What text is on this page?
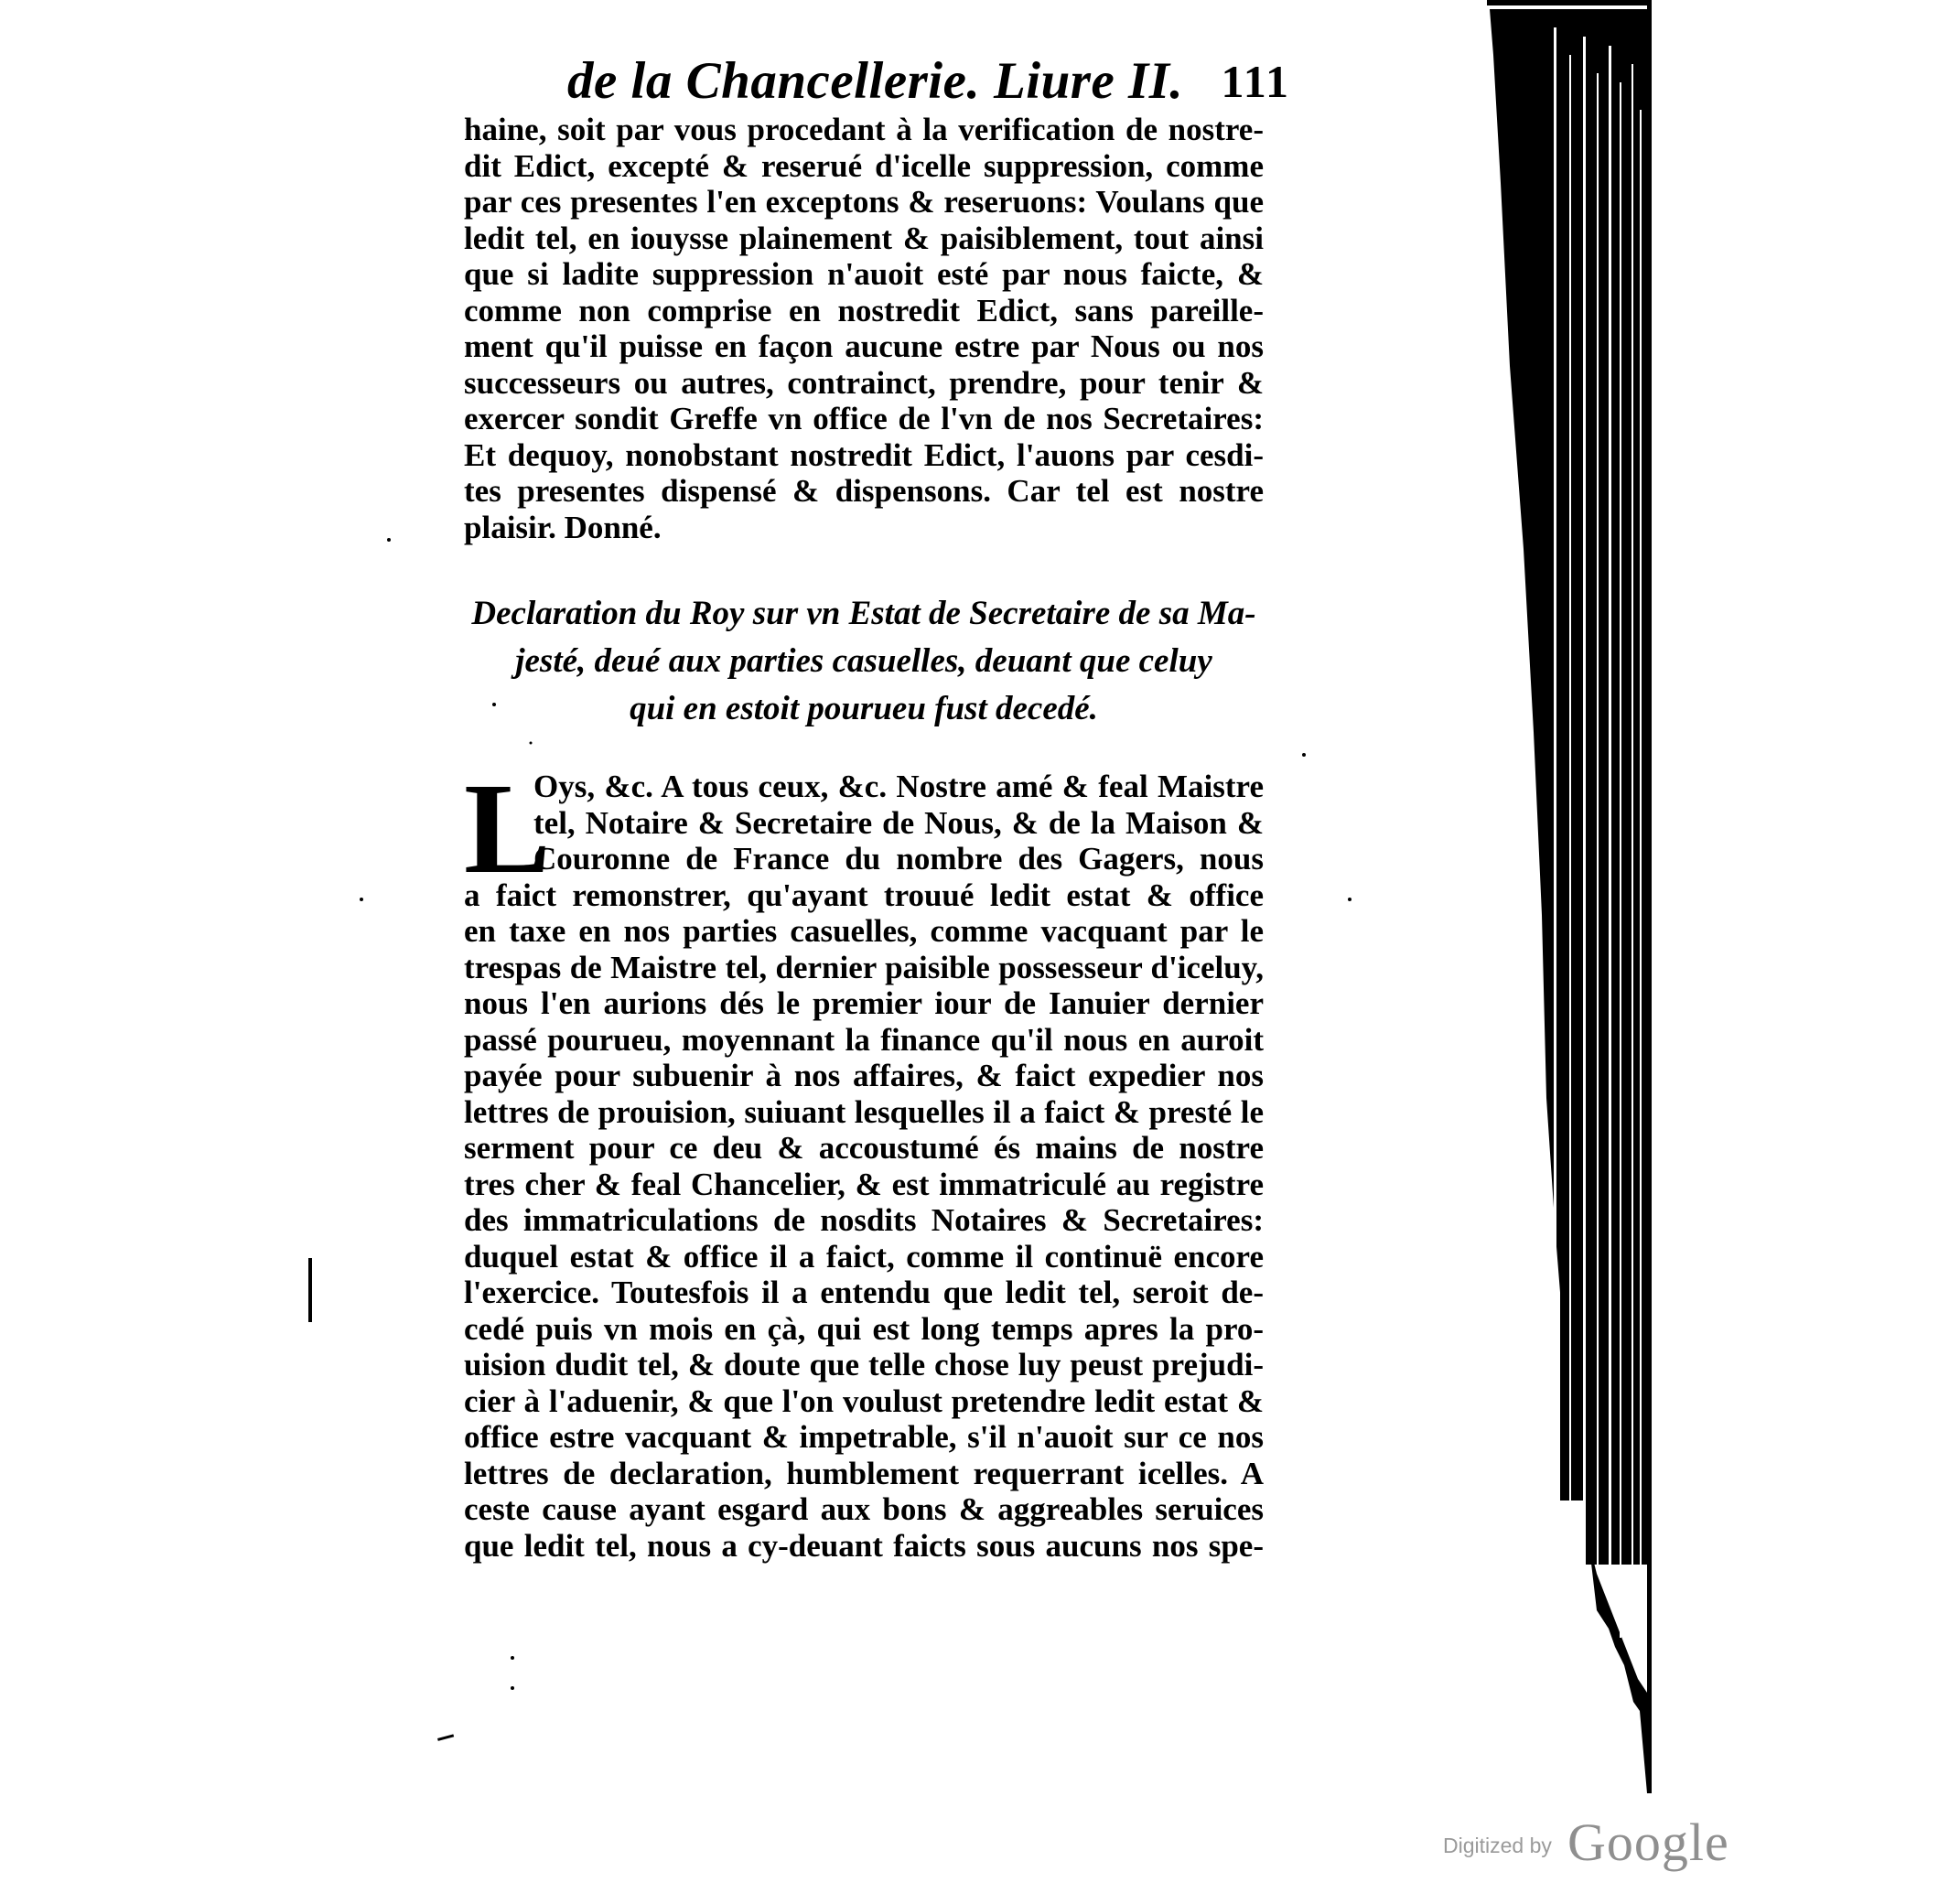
de la Chancellerie. Liure II. 111
haine, soit par vous procedant à la verification de nostre-
dit Edict, excepté & reserué d'icelle suppression, comme
par ces presentes l'en exceptons & reseruons: Voulans que
ledit tel, en iouysse plainement & paisiblement, tout ainsi
que si ladite suppression n'auoit esté par nous faicte, &
comme non comprise en nostredit Edict, sans pareille-
ment qu'il puisse en façon aucune estre par Nous ou nos
successeurs ou autres, contrainct, prendre, pour tenir &
exercer sondit Greffe vn office de l'vn de nos Secretaires:
Et dequoy, nonobstant nostredit Edict, l'auons par cesdi-
tes presentes dispensé & dispensons. Car tel est nostre
plaisir. Donné.
Declaration du Roy sur vn Estat de Secretaire de sa Ma-
jesté, deué aux parties casuelles, deuant que celuy
qui en estoit pourueu fust decedé.
L
Oys, &c. A tous ceux, &c. Nostre amé & feal Maistre
tel, Notaire & Secretaire de Nous, & de la Maison &
Couronne de France du nombre des Gagers, nous
a faict remonstrer, qu'ayant trouué ledit estat & office
en taxe en nos parties casuelles, comme vacquant par le
trespas de Maistre tel, dernier paisible possesseur d'iceluy,
nous l'en aurions dés le premier iour de Ianuier dernier
passé pourueu, moyennant la finance qu'il nous en auroit
payée pour subuenir à nos affaires, & faict expedier nos
lettres de prouision, suiuant lesquelles il a faict & presté le
serment pour ce deu & accoustumé és mains de nostre
tres cher & feal Chancelier, & est immatriculé au registre
des immatriculations de nosdits Notaires & Secretaires:
duquel estat & office il a faict, comme il continuë encore
l'exercice. Toutesfois il a entendu que ledit tel, seroit de-
cedé puis vn mois en çà, qui est long temps apres la pro-
uision dudit tel, & doute que telle chose luy peust prejudi-
cier à l'aduenir, & que l'on voulust pretendre ledit estat &
office estre vacquant & impetrable, s'il n'auoit sur ce nos
lettres de declaration, humblement requerrant icelles. A
ceste cause ayant esgard aux bons & aggreables seruices
que ledit tel, nous a cy-deuant faicts sous aucuns nos spe-
Digitized by Google
